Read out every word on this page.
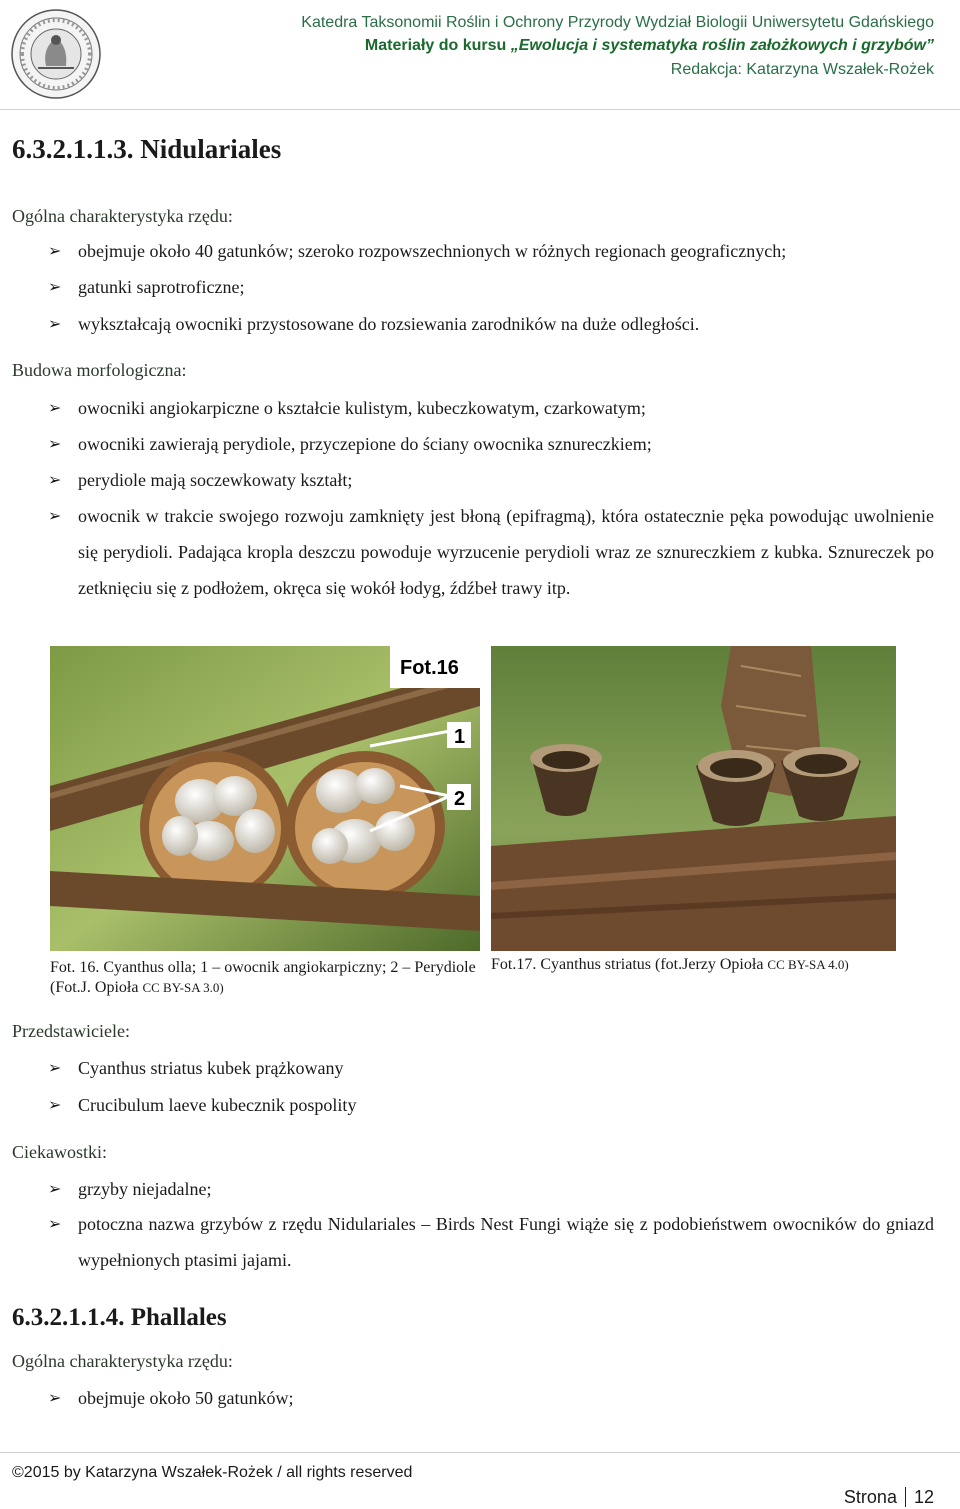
Katedra Taksonomii Roślin i Ochrony Przyrody Wydział Biologii Uniwersytetu Gdańskiego
Materiały do kursu „Ewolucja i systematyka roślin założkowych i grzybów”
Redakcja: Katarzyna Wszałek-Rożek
6.3.2.1.1.3. Nidulariales
Ogólna charakterystyka rzędu:
➢ obejmuje około 40 gatunków; szeroko rozpowszechnionych w różnych regionach geograficznych;
➢ gatunki saprotroficzne;
➢ wykształcają owocniki przystosowane do rozsiewania zarodników na duże odległości.
Budowa morfologiczna:
➢ owocniki angiokarpiczne o kształcie kulistym, kubeczkowatym, czarkowatym;
➢ owocniki zawierają perydiole, przyczepione do ściany owocnika sznureczkiem;
➢ perydiole mają soczewkowaty kształt;
➢ owocnik w trakcie swojego rozwoju zamknięty jest błoną (epifragmą), która ostatecznie pęka powodując uwolnienie się perydioli. Padająca kropla deszczu powoduje wyrzucenie perydioli wraz ze sznureczkiem z kubka. Sznureczek po zetknięciu się z podłożem, okręca się wokół łodyg, źdźbeł trawy itp.
Fot.16
1
2
Fot. 16. Cyanthus olla; 1 – owocnik angiokarpiczny; 2 – Perydiole (Fot.J. Opioła CC BY-SA 3.0)
Fot.17. Cyanthus striatus (fot.Jerzy Opioła CC BY-SA 4.0)
Przedstawiciele:
➢ Cyanthus striatus kubek prążkowany
➢ Crucibulum laeve kubecznik pospolity
Ciekawostki:
➢ grzyby niejadalne;
➢ potoczna nazwa grzybów z rzędu Nidulariales – Birds Nest Fungi wiąże się z podobieństwem owocników do gniazd wypełnionych ptasimi jajami.
6.3.2.1.1.4. Phallales
Ogólna charakterystyka rzędu:
➢ obejmuje około 50 gatunków;
©2015 by Katarzyna Wszałek-Rożek / all rights reserved
Strona 12
